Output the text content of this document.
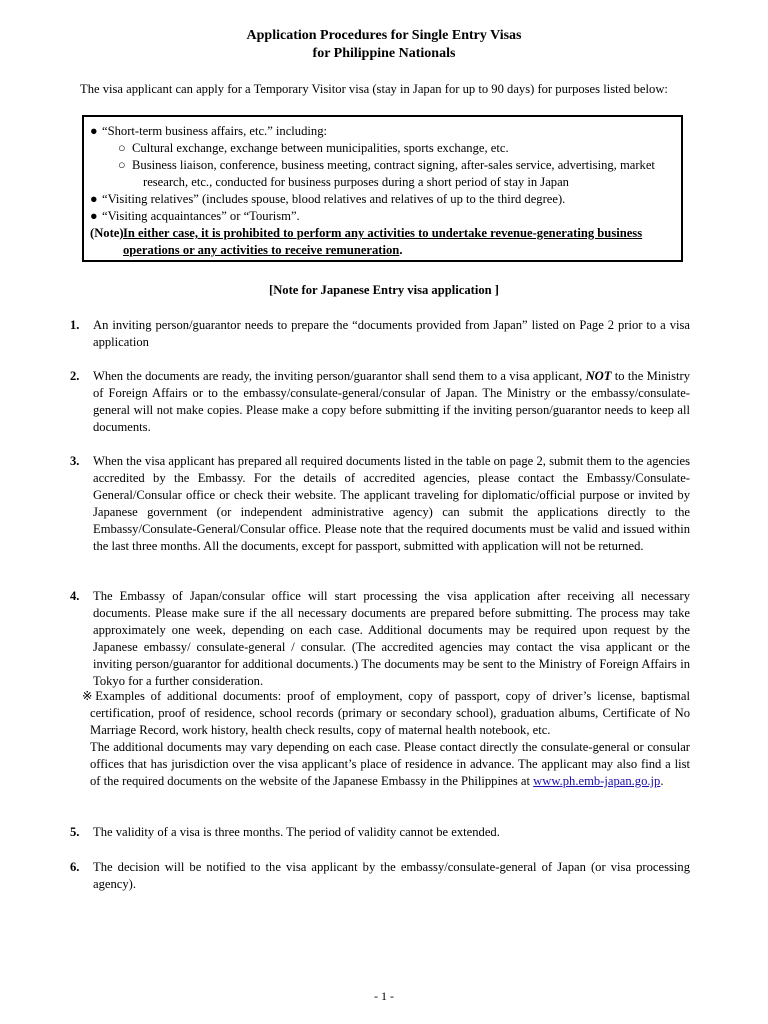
Application Procedures for Single Entry Visas
for Philippine Nationals
The visa applicant can apply for a Temporary Visitor visa (stay in Japan for up to 90 days) for purposes listed below:
● “Short-term business affairs, etc.” including:
○ Cultural exchange, exchange between municipalities, sports exchange, etc.
○ Business liaison, conference, business meeting, contract signing, after-sales service, advertising, market
research, etc., conducted for business purposes during a short period of stay in Japan
● “Visiting relatives” (includes spouse, blood relatives and relatives of up to the third degree).
● “Visiting acquaintances” or “Tourism”.
(Note) In either case, it is prohibited to perform any activities to undertake revenue-generating business operations or any activities to receive remuneration.
[Note for Japanese Entry visa application ]
1. An inviting person/guarantor needs to prepare the “documents provided from Japan” listed on Page 2 prior to a visa application
2. When the documents are ready, the inviting person/guarantor shall send them to a visa applicant, NOT to the Ministry of Foreign Affairs or to the embassy/consulate-general/consular of Japan. The Ministry or the embassy/consulate-general will not make copies. Please make a copy before submitting if the inviting person/guarantor needs to keep all documents.
3. When the visa applicant has prepared all required documents listed in the table on page 2, submit them to the agencies accredited by the Embassy. For the details of accredited agencies, please contact the Embassy/Consulate-General/Consular office or check their website. The applicant traveling for diplomatic/official purpose or invited by Japanese government (or independent administrative agency) can submit the applications directly to the Embassy/Consulate-General/Consular office. Please note that the required documents must be valid and issued within the last three months. All the documents, except for passport, submitted with application will not be returned.
4. The Embassy of Japan/consular office will start processing the visa application after receiving all necessary documents. Please make sure if the all necessary documents are prepared before submitting. The process may take approximately one week, depending on each case. Additional documents may be required upon request by the Japanese embassy/ consulate-general / consular. (The accredited agencies may contact the visa applicant or the inviting person/guarantor for additional documents.) The documents may be sent to the Ministry of Foreign Affairs in Tokyo for a further consideration.

※Examples of additional documents: proof of employment, copy of passport, copy of driver’s license, baptismal certification, proof of residence, school records (primary or secondary school), graduation albums, Certificate of No Marriage Record, work history, health check results, copy of maternal health notebook, etc.

The additional documents may vary depending on each case. Please contact directly the consulate-general or consular offices that has jurisdiction over the visa applicant’s place of residence in advance. The applicant may also find a list of the required documents on the website of the Japanese Embassy in the Philippines at www.ph.emb-japan.go.jp.

5. The validity of a visa is three months. The period of validity cannot be extended.
6. The decision will be notified to the visa applicant by the embassy/consulate-general of Japan (or visa processing agency).
- 1 -
